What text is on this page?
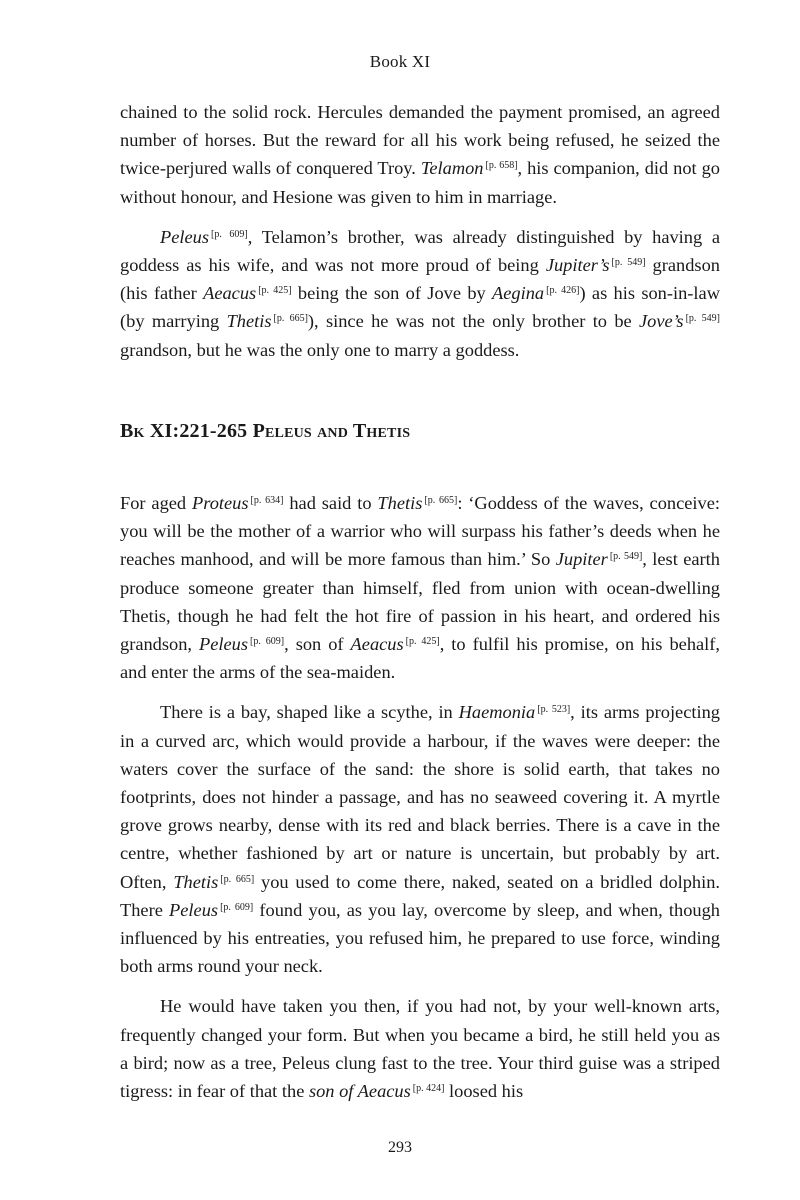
Book XI

chained to the solid rock. Hercules demanded the payment promised, an agreed number of horses. But the reward for all his work being refused, he seized the twice-perjured walls of conquered Troy. Telamon [p. 658], his companion, did not go without honour, and Hesione was given to him in marriage.

Peleus [p. 609], Telamon’s brother, was already distinguished by having a goddess as his wife, and was not more proud of being Jupiter’s [p. 549] grandson (his father Aeacus [p. 425] being the son of Jove by Aegina [p. 426]) as his son-in-law (by marrying Thetis [p. 665]), since he was not the only brother to be Jove’s [p. 549] grandson, but he was the only one to marry a goddess.

Bk XI:221-265 Peleus and Thetis

For aged Proteus [p. 634] had said to Thetis [p. 665]: ‘Goddess of the waves, conceive: you will be the mother of a warrior who will surpass his father’s deeds when he reaches manhood, and will be more famous than him.’ So Jupiter [p. 549], lest earth produce someone greater than himself, fled from union with ocean-dwelling Thetis, though he had felt the hot fire of passion in his heart, and ordered his grandson, Peleus [p. 609], son of Aeacus [p. 425], to fulfil his promise, on his behalf, and enter the arms of the sea-maiden.

There is a bay, shaped like a scythe, in Haemonia [p. 523], its arms projecting in a curved arc, which would provide a harbour, if the waves were deeper: the waters cover the surface of the sand: the shore is solid earth, that takes no footprints, does not hinder a passage, and has no seaweed covering it. A myrtle grove grows nearby, dense with its red and black berries. There is a cave in the centre, whether fashioned by art or nature is uncertain, but probably by art. Often, Thetis [p. 665] you used to come there, naked, seated on a bridled dolphin. There Peleus [p. 609] found you, as you lay, overcome by sleep, and when, though influenced by his entreaties, you refused him, he prepared to use force, winding both arms round your neck.

He would have taken you then, if you had not, by your well-known arts, frequently changed your form. But when you became a bird, he still held you as a bird; now as a tree, Peleus clung fast to the tree. Your third guise was a striped tigress: in fear of that the son of Aeacus [p. 424] loosed his

293
